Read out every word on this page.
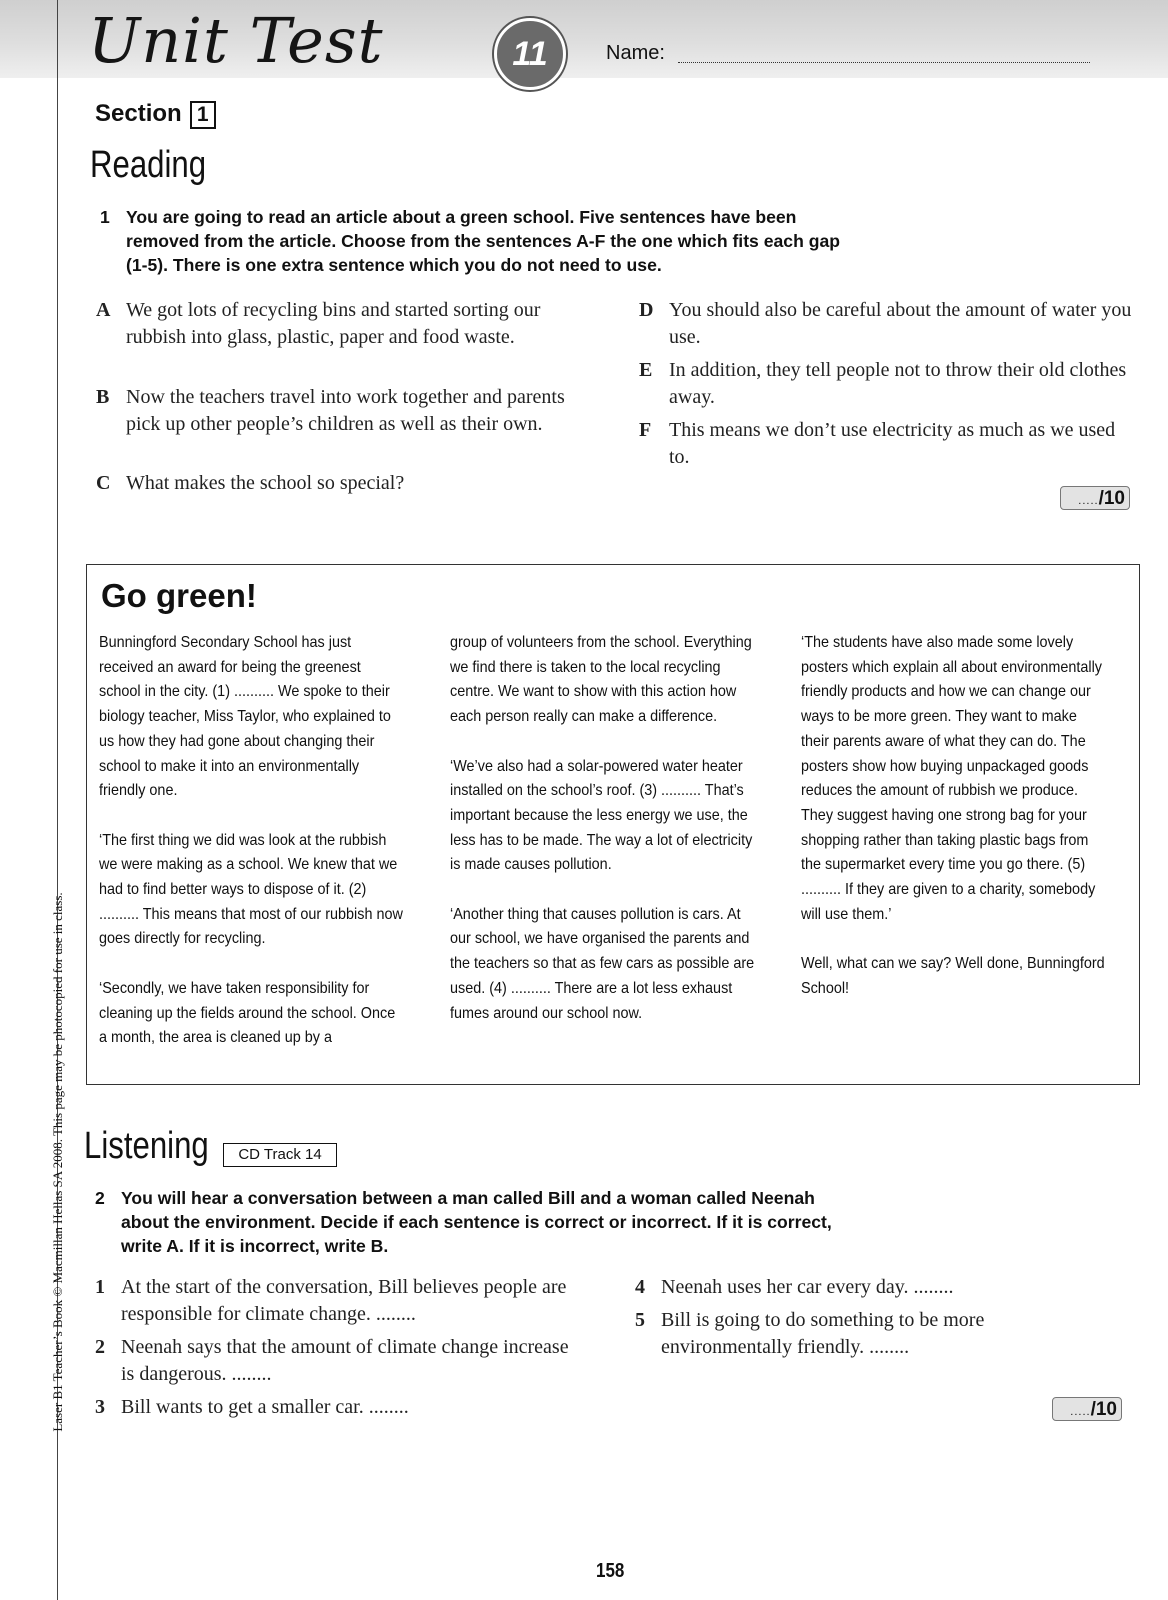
Unit Test	11	Name:
Laser B1 Teacher’s Book © Macmillan Hellas SA 2008. This page may be photocopied for use in class.
Section 1
Reading
1 You are going to read an article about a green school. Five sentences have been
removed from the article. Choose from the sentences A-F the one which fits each gap
(1-5). There is one extra sentence which you do not need to use.
A We got lots of recycling bins and started sorting our rubbish into glass, plastic, paper and food waste.
B Now the teachers travel into work together and parents pick up other people’s children as well as their own.
C What makes the school so special?
D You should also be careful about the amount of water you use.
E In addition, they tell people not to throw their old clothes away.
F This means we don’t use electricity as much as we used to.
...../10
Go green!

Bunningford Secondary School has just received an award for being the greenest school in the city. (1) .......... We spoke to their biology teacher, Miss Taylor, who explained to us how they had gone about changing their school to make it into an environmentally friendly one.

‘The first thing we did was look at the rubbish we were making as a school. We knew that we had to find better ways to dispose of it. (2) .......... This means that most of our rubbish now goes directly for recycling.

‘Secondly, we have taken responsibility for cleaning up the fields around the school. Once a month, the area is cleaned up by a

group of volunteers from the school. Everything we find there is taken to the local recycling centre. We want to show with this action how each person really can make a difference.

‘We’ve also had a solar-powered water heater installed on the school’s roof. (3) .......... That’s important because the less energy we use, the less has to be made. The way a lot of electricity is made causes pollution.

‘Another thing that causes pollution is cars. At our school, we have organised the parents and the teachers so that as few cars as possible are used. (4) .......... There are a lot less exhaust fumes around our school now.

‘The students have also made some lovely posters which explain all about environmentally friendly products and how we can change our ways to be more green. They want to make their parents aware of what they can do. The posters show how buying unpackaged goods reduces the amount of rubbish we produce. They suggest having one strong bag for your shopping rather than taking plastic bags from the supermarket every time you go there. (5) .......... If they are given to a charity, somebody will use them.’

Well, what can we say? Well done, Bunningford School!

Listening	CD Track 14
2 You will hear a conversation between a man called Bill and a woman called Neenah
about the environment. Decide if each sentence is correct or incorrect. If it is correct,
write A. If it is incorrect, write B.
1 At the start of the conversation, Bill believes people are responsible for climate change. ........
2 Neenah says that the amount of climate change increase is dangerous. ........
3 Bill wants to get a smaller car. ........
4 Neenah uses her car every day. ........
5 Bill is going to do something to be more environmentally friendly. ........
...../10
158
